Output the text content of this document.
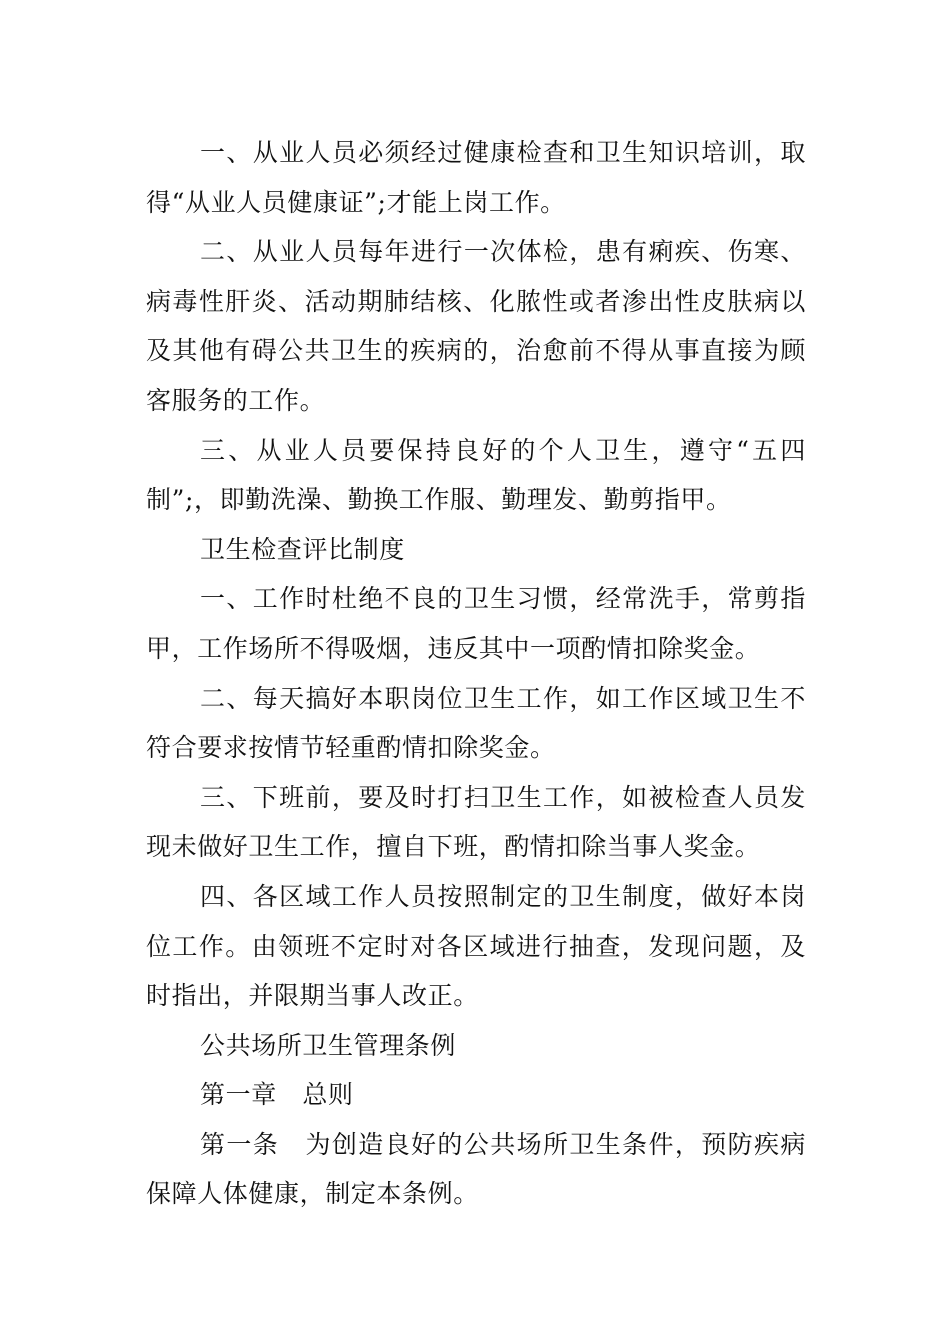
一、从业人员必须经过健康检查和卫生知识培训，取得“从业人员健康证”;才能上岗工作。

二、从业人员每年进行一次体检，患有痢疾、伤寒、病毒性肝炎、活动期肺结核、化脓性或者渗出性皮肤病以及其他有碍公共卫生的疾病的，治愈前不得从事直接为顾客服务的工作。

三、从业人员要保持良好的个人卫生，遵守“五四制”;，即勤洗澡、勤换工作服、勤理发、勤剪指甲。

卫生检查评比制度

一、工作时杜绝不良的卫生习惯，经常洗手，常剪指甲，工作场所不得吸烟，违反其中一项酌情扣除奖金。

二、每天搞好本职岗位卫生工作，如工作区域卫生不符合要求按情节轻重酌情扣除奖金。

三、下班前，要及时打扫卫生工作，如被检查人员发现未做好卫生工作，擅自下班，酌情扣除当事人奖金。

四、各区域工作人员按照制定的卫生制度，做好本岗位工作。由领班不定时对各区域进行抽查，发现问题，及时指出，并限期当事人改正。

公共场所卫生管理条例

第一章　总则

第一条　为创造良好的公共场所卫生条件，预防疾病保障人体健康，制定本条例。
